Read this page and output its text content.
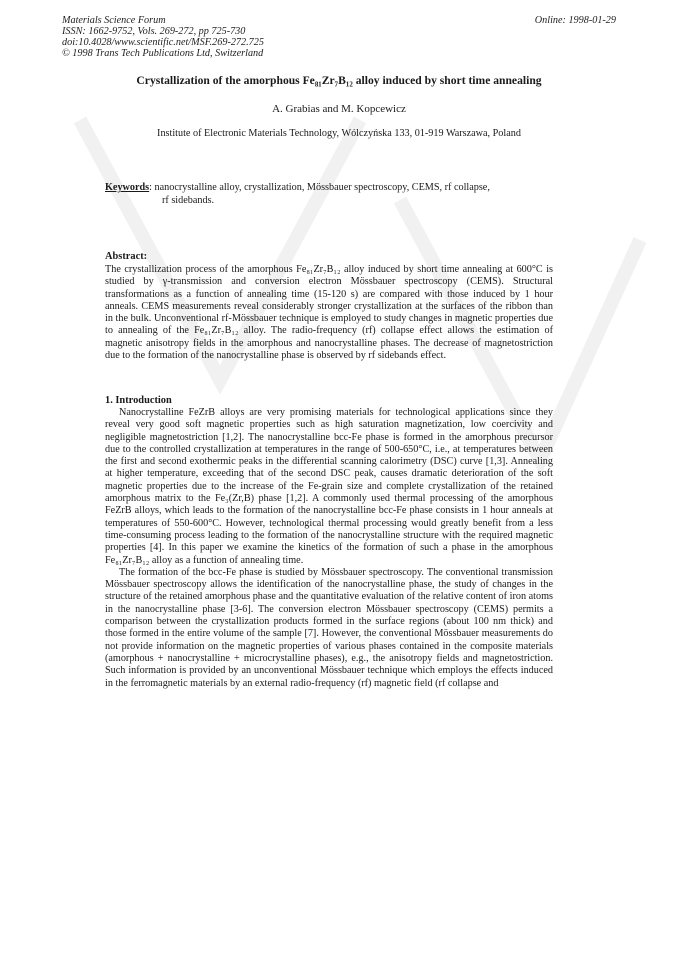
Materials Science Forum
ISSN: 1662-9752, Vols. 269-272, pp 725-730
doi:10.4028/www.scientific.net/MSF.269-272.725
© 1998 Trans Tech Publications Ltd, Switzerland
Online: 1998-01-29
Crystallization of the amorphous Fe₈₁Zr₇B₁₂ alloy induced by short time annealing
A. Grabias and M. Kopcewicz
Institute of Electronic Materials Technology, Wólczyńska 133, 01-919 Warszawa, Poland
Keywords: nanocrystalline alloy, crystallization, Mössbauer spectroscopy, CEMS, rf collapse,
rf sidebands.
Abstract:
The crystallization process of the amorphous Fe₈₁Zr₇B₁₂ alloy induced by short time annealing at 600°C is studied by γ-transmission and conversion electron Mössbauer spectroscopy (CEMS). Structural transformations as a function of annealing time (15-120 s) are compared with those induced by 1 hour anneals. CEMS measurements reveal considerably stronger crystallization at the surfaces of the ribbon than in the bulk. Unconventional rf-Mössbauer technique is employed to study changes in magnetic properties due to annealing of the Fe₈₁Zr₇B₁₂ alloy. The radio-frequency (rf) collapse effect allows the estimation of magnetic anisotropy fields in the amorphous and nanocrystalline phases. The decrease of magnetostriction due to the formation of the nanocrystalline phase is observed by rf sidebands effect.
1. Introduction

Nanocrystalline FeZrB alloys are very promising materials for technological applications since they reveal very good soft magnetic properties such as high saturation magnetization, low coercivity and negligible magnetostriction [1,2]. The nanocrystalline bcc-Fe phase is formed in the amorphous precursor due to the controlled crystallization at temperatures in the range of 500-650°C, i.e., at temperatures between the first and second exothermic peaks in the differential scanning calorimetry (DSC) curve [1,3]. Annealing at higher temperature, exceeding that of the second DSC peak, causes dramatic deterioration of the soft magnetic properties due to the increase of the Fe-grain size and complete crystallization of the retained amorphous matrix to the Fe₃(Zr,B) phase [1,2]. A commonly used thermal processing of the amorphous FeZrB alloys, which leads to the formation of the nanocrystalline bcc-Fe phase consists in 1 hour anneals at temperatures of 550-600°C. However, technological thermal processing would greatly benefit from a less time-consuming process leading to the formation of the nanocrystalline structure with the required magnetic properties [4]. In this paper we examine the kinetics of the formation of such a phase in the amorphous Fe₈₁Zr₇B₁₂ alloy as a function of annealing time.

The formation of the bcc-Fe phase is studied by Mössbauer spectroscopy. The conventional transmission Mössbauer spectroscopy allows the identification of the nanocrystalline phase, the study of changes in the structure of the retained amorphous phase and the quantitative evaluation of the relative content of iron atoms in the nanocrystalline phase [3-6]. The conversion electron Mössbauer spectroscopy (CEMS) permits a comparison between the crystallization products formed in the surface regions (about 100 nm thick) and those formed in the entire volume of the sample [7]. However, the conventional Mössbauer measurements do not provide information on the magnetic properties of various phases contained in the composite materials (amorphous + nanocrystalline + microcrystalline phases), e.g., the anisotropy fields and magnetostriction. Such information is provided by an unconventional Mössbauer technique which employs the effects induced in the ferromagnetic materials by an external radio-frequency (rf) magnetic field (rf collapse and
